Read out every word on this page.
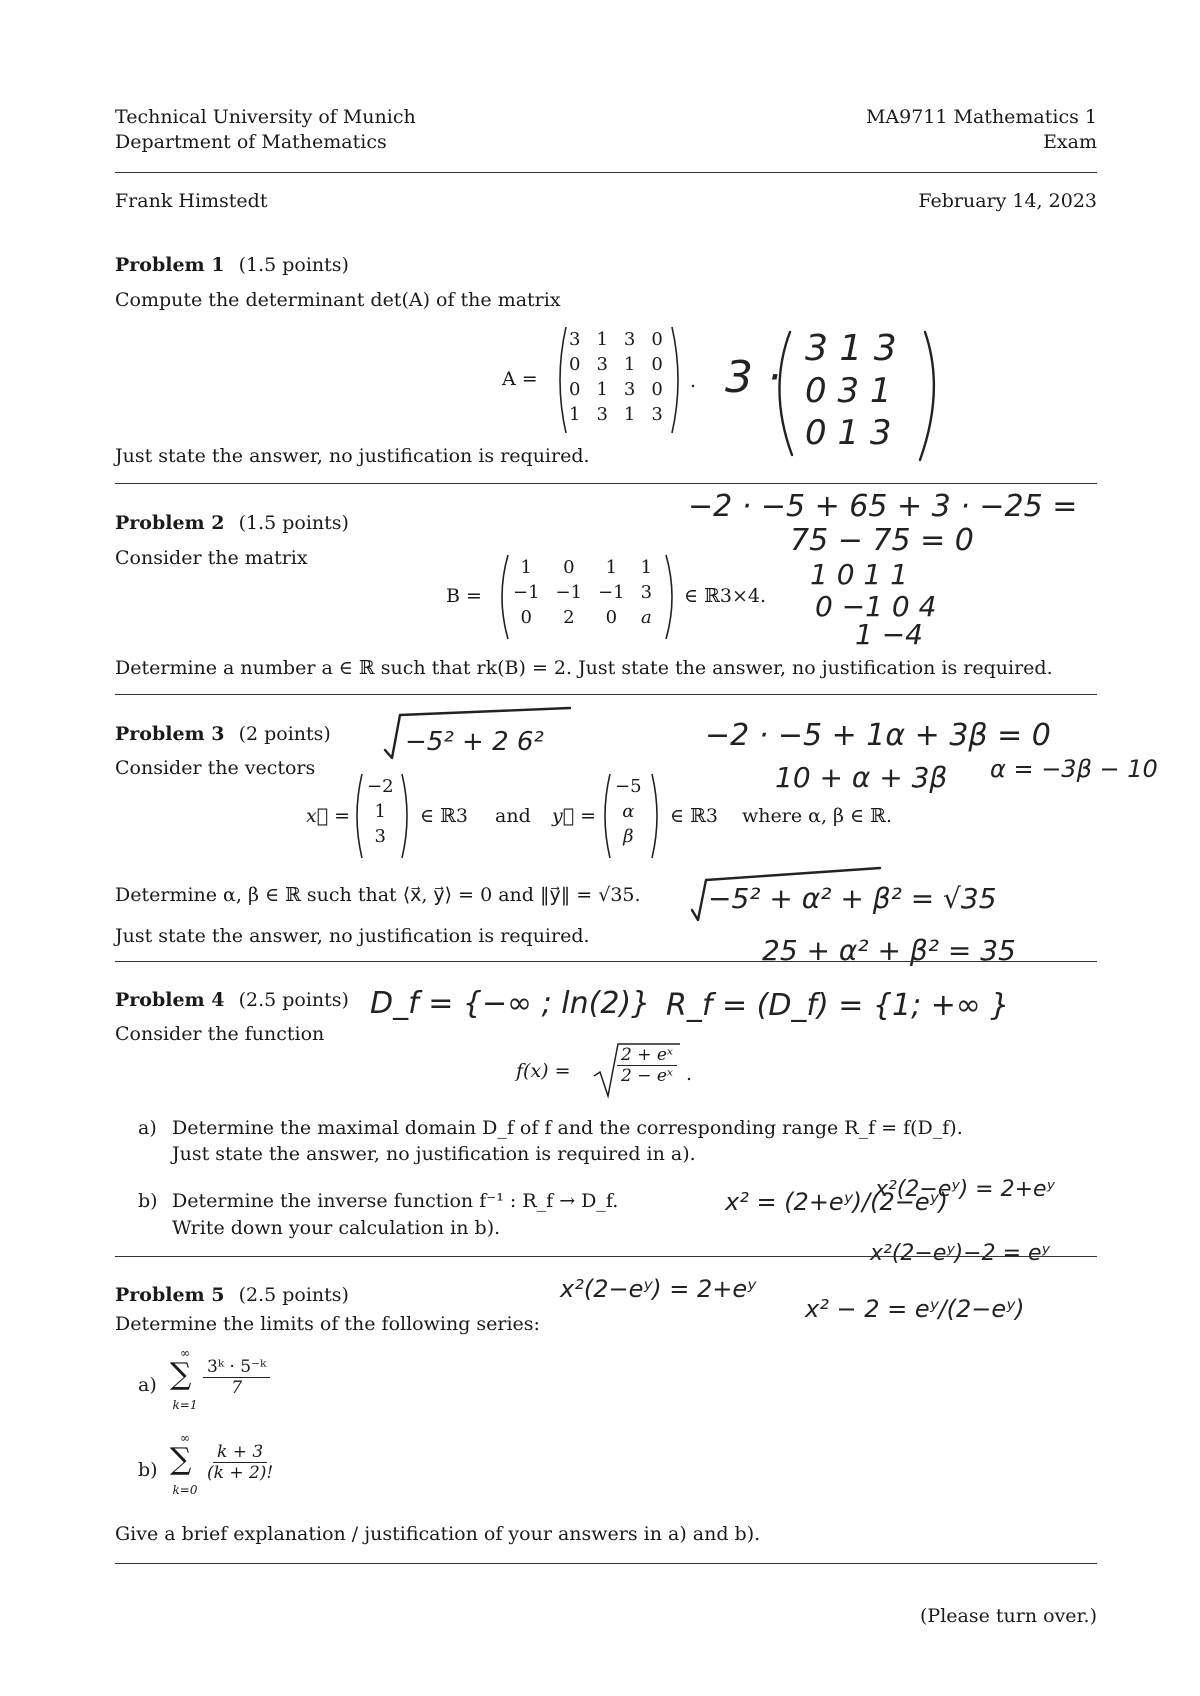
Technical University of Munich
Department of Mathematics
MA9711 Mathematics 1
Exam
Frank Himstedt	February 14, 2023
Problem 1 (1.5 points)
Compute the determinant det(A) of the matrix
A =
3	1	3	0
0	3	1	0
0	1	3	0
1	3	1	3
.
Just state the answer, no justification is required.
3 ·
3 1 3
0 3 1
0 1 3
Problem 2 (1.5 points)
Consider the matrix
B =
1	0	1	1
−1	−1	−1	3
0	2	0	a
∈ ℝ3×4.
Determine a number a ∈ ℝ such that rk(B) = 2. Just state the answer, no justification is required.
−2 · −5 + 65 + 3 · −25 =
75 − 75 = 0
1 0 1 1
0 −1 0 4
1 −4
Problem 3 (2 points)
Consider the vectors
x⃗ =
−2
1
3
∈ ℝ3 and y⃗ =
−5
α
β
∈ ℝ3 where α, β ∈ ℝ.
Determine α, β ∈ ℝ such that ⟨x⃗, y⃗⟩ = 0 and ‖y⃗‖ = √35.
Just state the answer, no justification is required.
−5² + 2 6²	−2 · −5 + 1α + 3β = 0
10 + α + 3β α = −3β − 10
−5² + α² + β² = √35
25 + α² + β² = 35
Problem 4 (2.5 points)
Consider the function
f(x) =	$\frac{\text{2 + eˣ}}{\text{2 − eˣ}}$ .
a) Determine the maximal domain D_f of f and the corresponding range R_f = f(D_f).
Just state the answer, no justification is required in a).
b) Determine the inverse function f⁻¹ : R_f → D_f.
Write down your calculation in b).
D_f = {−∞ ; ln(2)} R_f = (D_f) = {1; +∞ }
x² = (2+eʸ)/(2−eʸ)
x²(2−eʸ) = 2+eʸ
x²(2−eʸ)−2 = eʸ
Problem 5 (2.5 points)
Determine the limits of the following series:
a)
∞
∑
k=1
$\frac{\text{3ᵏ · 5⁻ᵏ}}{7}$
b)
∞
∑
k=0
$\frac{k + 3}{(k + 2)!}$
Give a brief explanation / justification of your answers in a) and b).
x²(2−eʸ) = 2+eʸ
x² − 2 = eʸ/(2−eʸ)
(Please turn over.)
